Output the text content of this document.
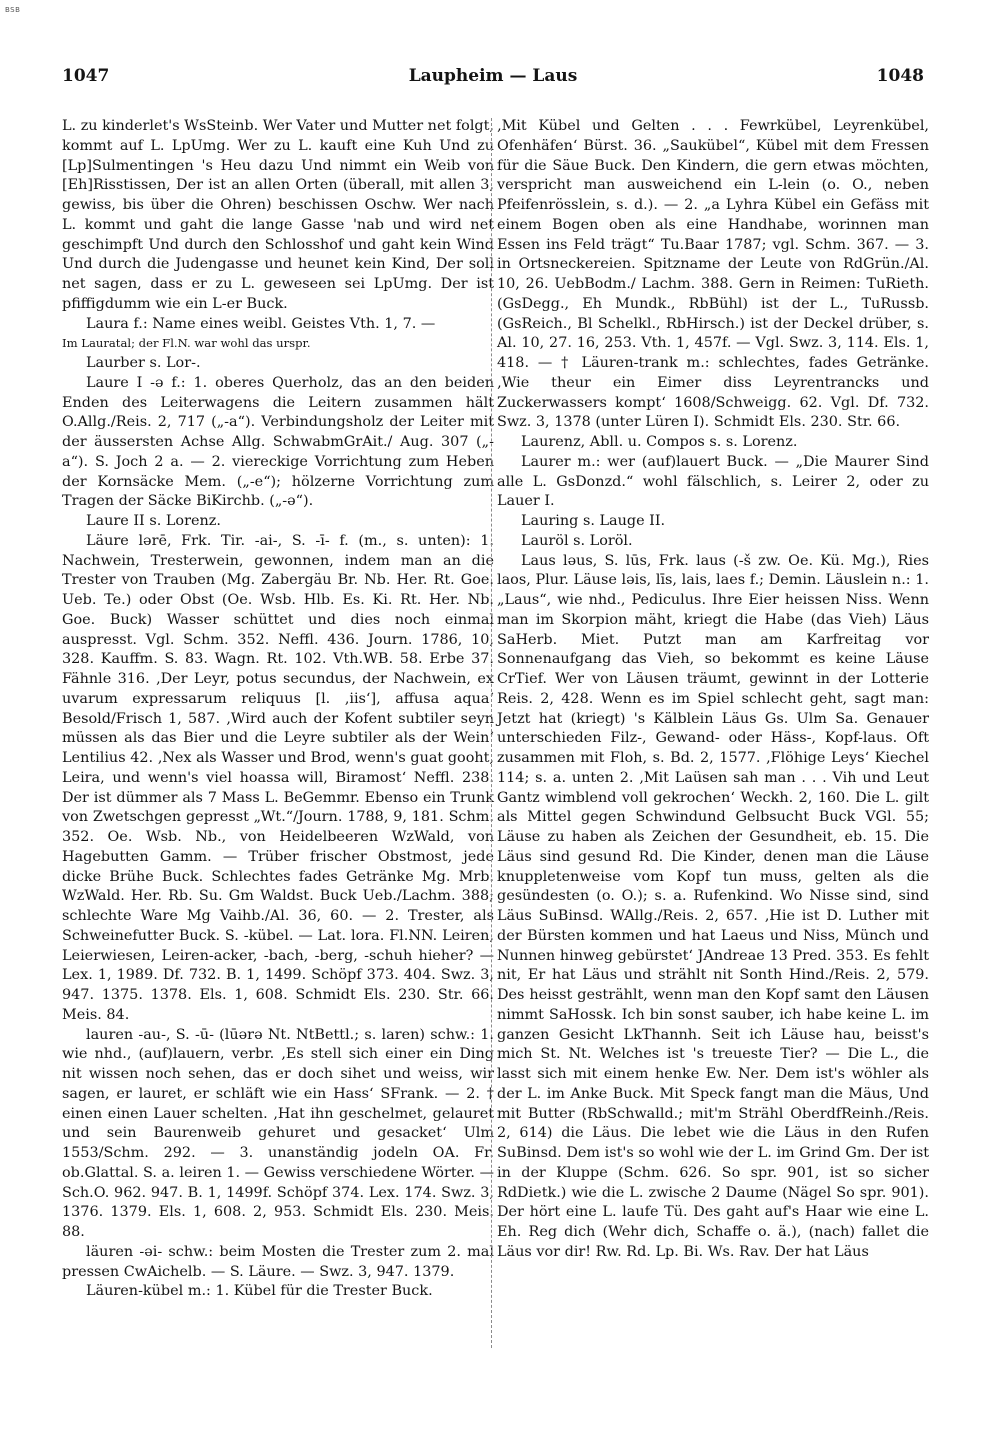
BSB
1047	Laupheim — Laus	1048

L. zu kinderlet's WsSteinb. Wer Vater und Mutter net folgt, kommt auf L. LpUmg. Wer zu L. kauft eine Kuh Und zu [Lp]Sulmentingen 's Heu dazu Und nimmt ein Weib von [Eh]Risstissen, Der ist an allen Orten (überall, mit allen 3, gewiss, bis über die Ohren) beschissen Oschw. Wer nach L. kommt und gaht die lange Gasse 'nab und wird net geschimpft Und durch den Schlosshof und gaht kein Wind Und durch die Judengasse und heunet kein Kind, Der soll net sagen, dass er zu L. geweseen sei LpUmg. Der ist pfiffigdumm wie ein L-er Buck.

Laura f.: Name eines weibl. Geistes Vth. 1, 7. —

Im Lauratal; der Fl.N. war wohl das urspr.

Laurber s. Lor-.

Laure I -ə f.: 1. oberes Querholz, das an den beiden Enden des Leiterwagens die Leitern zusammen hält O.Allg./Reis. 2, 717 („-a“). Verbindungsholz der Leiter mit der äussersten Achse Allg. SchwabmGrAit./ Aug. 307 („-a“). S. Joch 2 a. — 2. viereckige Vorrichtung zum Heben der Kornsäcke Mem. („-e“); hölzerne Vorrichtung zum Tragen der Säcke BiKirchb. („-ə“).

Laure II s. Lorenz.

Läure lərē, Frk. Tir. -ai-, S. -ī- f. (m., s. unten): 1. Nachwein, Tresterwein, gewonnen, indem man an die Trester von Trauben (Mg. Zabergäu Br. Nb. Her. Rt. Goe. Ueb. Te.) oder Obst (Oe. Wsb. Hlb. Es. Ki. Rt. Her. Nb. Goe. Buck) Wasser schüttet und dies noch einmal auspresst. Vgl. Schm. 352. Neffl. 436. Journ. 1786, 10, 328. Kauffm. S. 83. Wagn. Rt. 102. Vth.WB. 58. Erbe 37. Fähnle 316. ‚Der Leyr, potus secundus, der Nachwein, ex uvarum expressarum reliquus [l. ‚iis‘], affusa aqua‘ Besold/Frisch 1, 587. ‚Wird auch der Kofent subtiler seyn müssen als das Bier und die Leyre subtiler als der Wein‘ Lentilius 42. ‚Nex als Wasser und Brod, wenn's guat gooht, Leira, und wenn's viel hoassa will, Biramost‘ Neffl. 238. Der ist dümmer als 7 Mass L. BeGemmr. Ebenso ein Trunk von Zwetschgen gepresst „Wt.“/Journ. 1788, 9, 181. Schm. 352. Oe. Wsb. Nb., von Heidelbeeren WzWald, von Hagebutten Gamm. — Trüber frischer Obstmost, jede dicke Brühe Buck. Schlechtes fades Getränke Mg. Mrb. WzWald. Her. Rb. Su. Gm Waldst. Buck Ueb./Lachm. 388; schlechte Ware Mg Vaihb./Al. 36, 60. — 2. Trester, als Schweinefutter Buck. S. -kübel. — Lat. lora. Fl.NN. Leiren, Leierwiesen, Leiren-acker, -bach, -berg, -schuh hieher? — Lex. 1, 1989. Df. 732. B. 1, 1499. Schöpf 373. 404. Swz. 3, 947. 1375. 1378. Els. 1, 608. Schmidt Els. 230. Str. 66. Meis. 84.

lauren -au-, S. -ū- (lūərə Nt. NtBettl.; s. laren) schw.: 1. wie nhd., (auf)lauern, verbr. ‚Es stell sich einer ein Ding nit wissen noch sehen, das er doch sihet und weiss, wir sagen, er lauret, er schläft wie ein Hass‘ SFrank. — 2. † einen einen Lauer schelten. ‚Hat ihn geschelmet, gelauret und sein Baurenweib gehuret und gesacket‘ Ulm 1553/Schm. 292. — 3. unanständig jodeln OA. Fr. ob.Glattal. S. a. leiren 1. — Gewiss verschiedene Wörter. — Sch.O. 962. 947. B. 1, 1499f. Schöpf 374. Lex. 174. Swz. 3, 1376. 1379. Els. 1, 608. 2, 953. Schmidt Els. 230. Meis. 88.

läuren -əi- schw.: beim Mosten die Trester zum 2. mal pressen CwAichelb. — S. Läure. — Swz. 3, 947. 1379.

Läuren-kübel m.: 1. Kübel für die Trester Buck.

‚Mit Kübel und Gelten . . . Fewrkübel, Leyrenkübel, Ofenhäfen‘ Bürst. 36. „Saukübel“, Kübel mit dem Fressen für die Säue Buck. Den Kindern, die gern etwas möchten, verspricht man ausweichend ein L-lein (o. O., neben Pfeifenrösslein, s. d.). — 2. „a Lyhra Kübel ein Gefäss mit einem Bogen oben als eine Handhabe, worinnen man Essen ins Feld trägt“ Tu.Baar 1787; vgl. Schm. 367. — 3. in Ortsneckereien. Spitzname der Leute von RdGrün./Al. 10, 26. UebBodm./ Lachm. 388. Gern in Reimen: TuRieth. (GsDegg., Eh Mundk., RbBühl) ist der L., TuRussb. (GsReich., Bl Schelkl., RbHirsch.) ist der Deckel drüber, s. Al. 10, 27. 16, 253. Vth. 1, 457f. — Vgl. Swz. 3, 114. Els. 1, 418. — † Läuren-trank m.: schlechtes, fades Getränke. ‚Wie theur ein Eimer diss Leyrentrancks und Zuckerwassers kompt‘ 1608/Schweigg. 62. Vgl. Df. 732. Swz. 3, 1378 (unter Lüren I). Schmidt Els. 230. Str. 66.

Laurenz, Abll. u. Compos s. s. Lorenz.

Laurer m.: wer (auf)lauert Buck. — „Die Maurer Sind alle L. GsDonzd.“ wohl fälschlich, s. Leirer 2, oder zu Lauer I.

Lauring s. Lauge II.

Lauröl s. Loröl.

Laus ləus, S. lūs, Frk. laus (-š zw. Oe. Kü. Mg.), Ries laos, Plur. Läuse ləis, līs, lais, laes f.; Demin. Läuslein n.: 1. „Laus“, wie nhd., Pediculus. Ihre Eier heissen Niss. Wenn man im Skorpion mäht, kriegt die Habe (das Vieh) Läus SaHerb. Miet. Putzt man am Karfreitag vor Sonnenaufgang das Vieh, so bekommt es keine Läuse CrTief. Wer von Läusen träumt, gewinnt in der Lotterie Reis. 2, 428. Wenn es im Spiel schlecht geht, sagt man: Jetzt hat (kriegt) 's Kälblein Läus Gs. Ulm Sa. Genauer unterschieden Filz-, Gewand- oder Häss-, Kopf-laus. Oft zusammen mit Floh, s. Bd. 2, 1577. ‚Flöhige Leys‘ Kiechel 114; s. a. unten 2. ‚Mit Laüsen sah man . . . Vih und Leut Gantz wimblend voll gekrochen‘ Weckh. 2, 160. Die L. gilt als Mittel gegen Schwindund Gelbsucht Buck VGl. 55; Läuse zu haben als Zeichen der Gesundheit, eb. 15. Die Läus sind gesund Rd. Die Kinder, denen man die Läuse knuppletenweise vom Kopf tun muss, gelten als die gesündesten (o. O.); s. a. Rufenkind. Wo Nisse sind, sind Läus SuBinsd. WAllg./Reis. 2, 657. ‚Hie ist D. Luther mit der Bürsten kommen und hat Laeus und Niss, Münch und Nunnen hinweg gebürstet‘ JAndreae 13 Pred. 353. Es fehlt nit, Er hat Läus und strählt nit Sonth Hind./Reis. 2, 579. Des heisst gestrählt, wenn man den Kopf samt den Läusen nimmt SaHossk. Ich bin sonst sauber, ich habe keine L. im ganzen Gesicht LkThannh. Seit ich Läuse hau, beisst's mich St. Nt. Welches ist 's treueste Tier? — Die L., die lasst sich mit einem henke Ew. Ner. Dem ist's wöhler als der L. im Anke Buck. Mit Speck fangt man die Mäus, Und mit Butter (RbSchwalld.; mit'm Strähl OberdfReinh./Reis. 2, 614) die Läus. Die lebet wie die Läus in den Rufen SuBinsd. Dem ist's so wohl wie der L. im Grind Gm. Der ist in der Kluppe (Schm. 626. So spr. 901, ist so sicher RdDietk.) wie die L. zwische 2 Daume (Nägel So spr. 901). Der hört eine L. laufe Tü. Des gaht auf's Haar wie eine L. Eh. Reg dich (Wehr dich, Schaffe o. ä.), (nach) fallet die Läus vor dir! Rw. Rd. Lp. Bi. Ws. Rav. Der hat Läus
